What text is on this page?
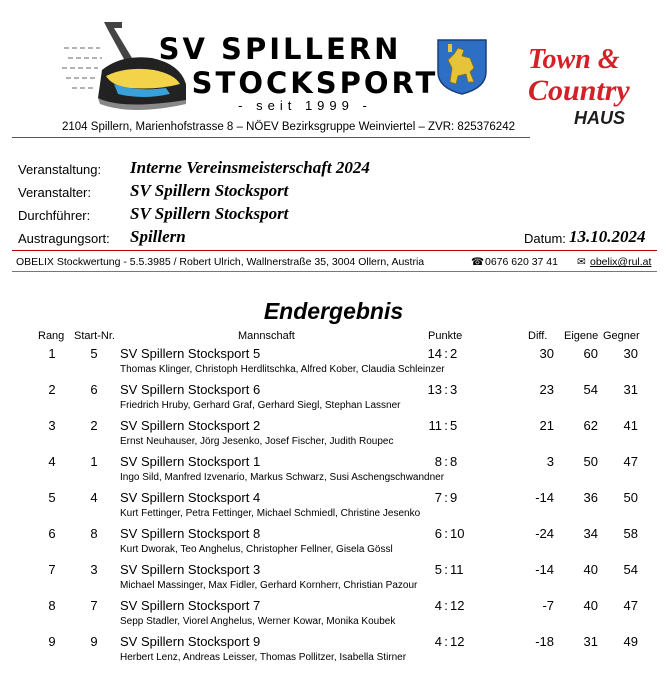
SV SPILLERN
STOCKSPORT
- seit 1999 -
Town &
Country
HAUS
2104 Spillern, Marienhofstrasse 8 – NÖEV Bezirksgruppe Weinviertel – ZVR: 825376242
Veranstaltung: Interne Vereinsmeisterschaft 2024
Veranstalter: SV Spillern Stocksport
Durchführer: SV Spillern Stocksport
Austragungsort: Spillern	Datum: 13.10.2024
OBELIX Stockwertung - 5.5.3985 / Robert Ulrich, Wallnerstraße 35, 3004 Ollern, Austria	☎ 0676 620 37 41 ✉ obelix@rul.at
Endergebnis
Rang Start-Nr.	Mannschaft	Punkte	Diff. Eigene Gegner
1	5	SV Spillern Stocksport 5	14 : 2	30	60	30
Thomas Klinger, Christoph Herdlitschka, Alfred Kober, Claudia Schleinzer
2	6	SV Spillern Stocksport 6	13 : 3	23	54	31
Friedrich Hruby, Gerhard Graf, Gerhard Siegl, Stephan Lassner
3	2	SV Spillern Stocksport 2	11 : 5	21	62	41
Ernst Neuhauser, Jörg Jesenko, Josef Fischer, Judith Roupec
4	1	SV Spillern Stocksport 1	8 : 8	3	50	47
Ingo Sild, Manfred Izvenario, Markus Schwarz, Susi Aschengschwandner
5	4	SV Spillern Stocksport 4	7 : 9	-14	36	50
Kurt Fettinger, Petra Fettinger, Michael Schmiedl, Christine Jesenko
6	8	SV Spillern Stocksport 8	6 : 10	-24	34	58
Kurt Dworak, Teo Anghelus, Christopher Fellner, Gisela Gössl
7	3	SV Spillern Stocksport 3	5 : 11	-14	40	54
Michael Massinger, Max Fidler, Gerhard Kornherr, Christian Pazour
8	7	SV Spillern Stocksport 7	4 : 12	-7	40	47
Sepp Stadler, Viorel Anghelus, Werner Kowar, Monika Koubek
9	9	SV Spillern Stocksport 9	4 : 12	-18	31	49
Herbert Lenz, Andreas Leisser, Thomas Pollitzer, Isabella Stirner
